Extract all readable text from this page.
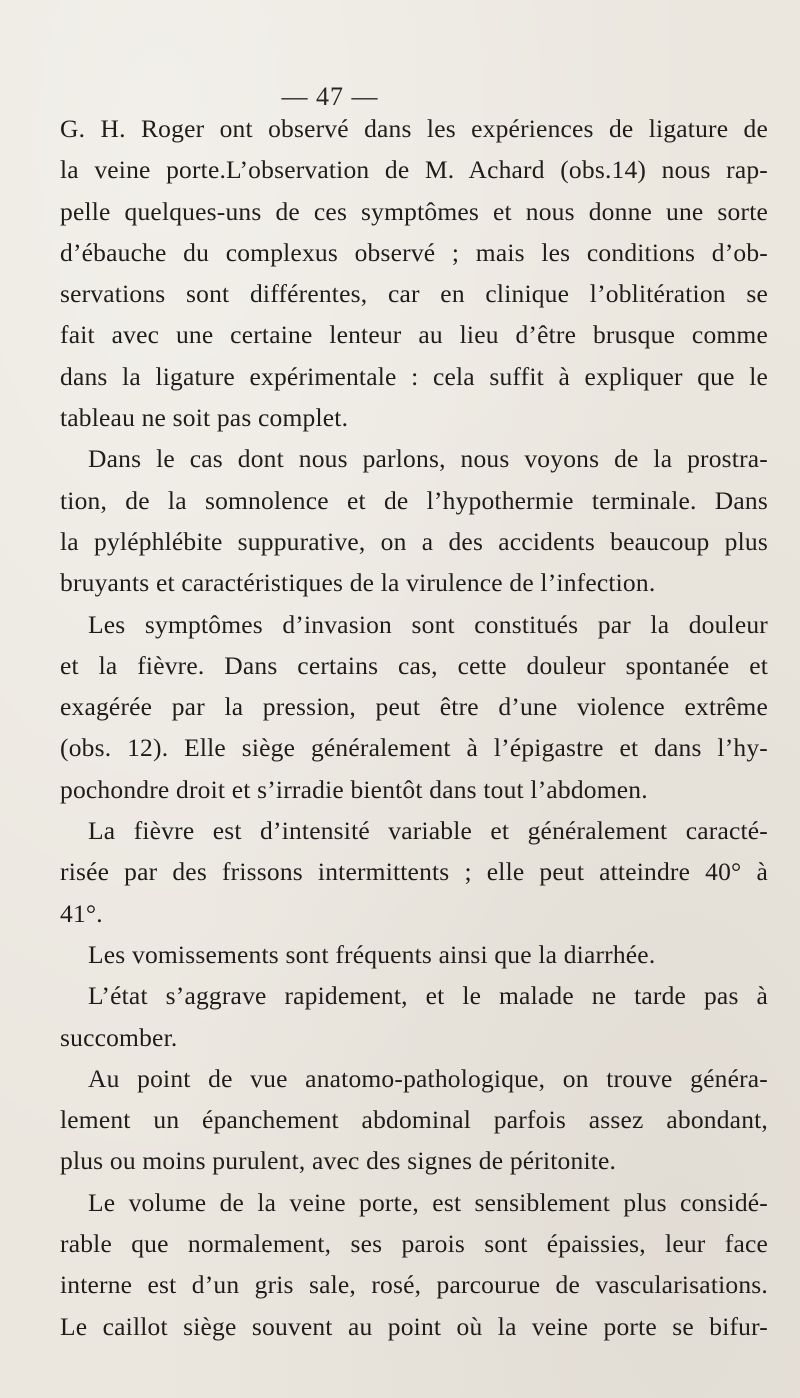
— 47 —
G. H. Roger ont observé dans les expériences de ligature de
la veine porte.L’observation de M. Achard (obs.14) nous rap-
pelle quelques-uns de ces symptômes et nous donne une sorte
d’ébauche du complexus observé ; mais les conditions d’ob-
servations sont différentes, car en clinique l’oblitération se
fait avec une certaine lenteur au lieu d’être brusque comme
dans la ligature expérimentale : cela suffit à expliquer que le
tableau ne soit pas complet.
Dans le cas dont nous parlons, nous voyons de la prostra-
tion, de la somnolence et de l’hypothermie terminale. Dans
la pyléphlébite suppurative, on a des accidents beaucoup plus
bruyants et caractéristiques de la virulence de l’infection.
Les symptômes d’invasion sont constitués par la douleur
et la fièvre. Dans certains cas, cette douleur spontanée et
exagérée par la pression, peut être d’une violence extrême
(obs. 12). Elle siège généralement à l’épigastre et dans l’hy-
pochondre droit et s’irradie bientôt dans tout l’abdomen.
La fièvre est d’intensité variable et généralement caracté-
risée par des frissons intermittents ; elle peut atteindre 40° à
41°.
Les vomissements sont fréquents ainsi que la diarrhée.
L’état s’aggrave rapidement, et le malade ne tarde pas à
succomber.
Au point de vue anatomo-pathologique, on trouve généra-
lement un épanchement abdominal parfois assez abondant,
plus ou moins purulent, avec des signes de péritonite.
Le volume de la veine porte, est sensiblement plus considé-
rable que normalement, ses parois sont épaissies, leur face
interne est d’un gris sale, rosé, parcourue de vascularisations.
Le caillot siège souvent au point où la veine porte se bifur-
